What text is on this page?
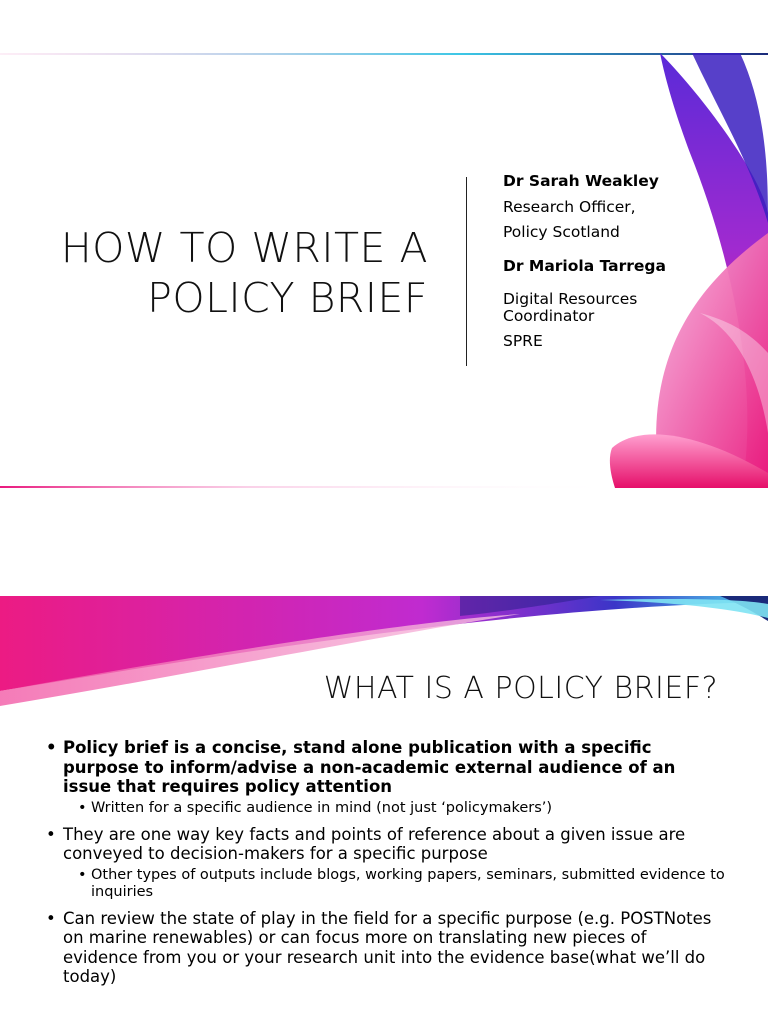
HOW TO WRITE A
POLICY BRIEF
Dr Sarah Weakley
Research Officer,
Policy Scotland
Dr Mariola Tarrega
Digital Resources
Coordinator
SPRE
WHAT IS A POLICY BRIEF?
• Policy brief is a concise, stand alone publication with a specific purpose to inform/advise a non-academic external audience of an issue that requires policy attention
• Written for a specific audience in mind (not just ‘policymakers’)
• They are one way key facts and points of reference about a given issue are conveyed to decision-makers for a specific purpose
• Other types of outputs include blogs, working papers, seminars, submitted evidence to inquiries
• Can review the state of play in the field for a specific purpose (e.g. POSTNotes on marine renewables) or can focus more on translating new pieces of evidence from you or your research unit into the evidence base(what we’ll do today)
